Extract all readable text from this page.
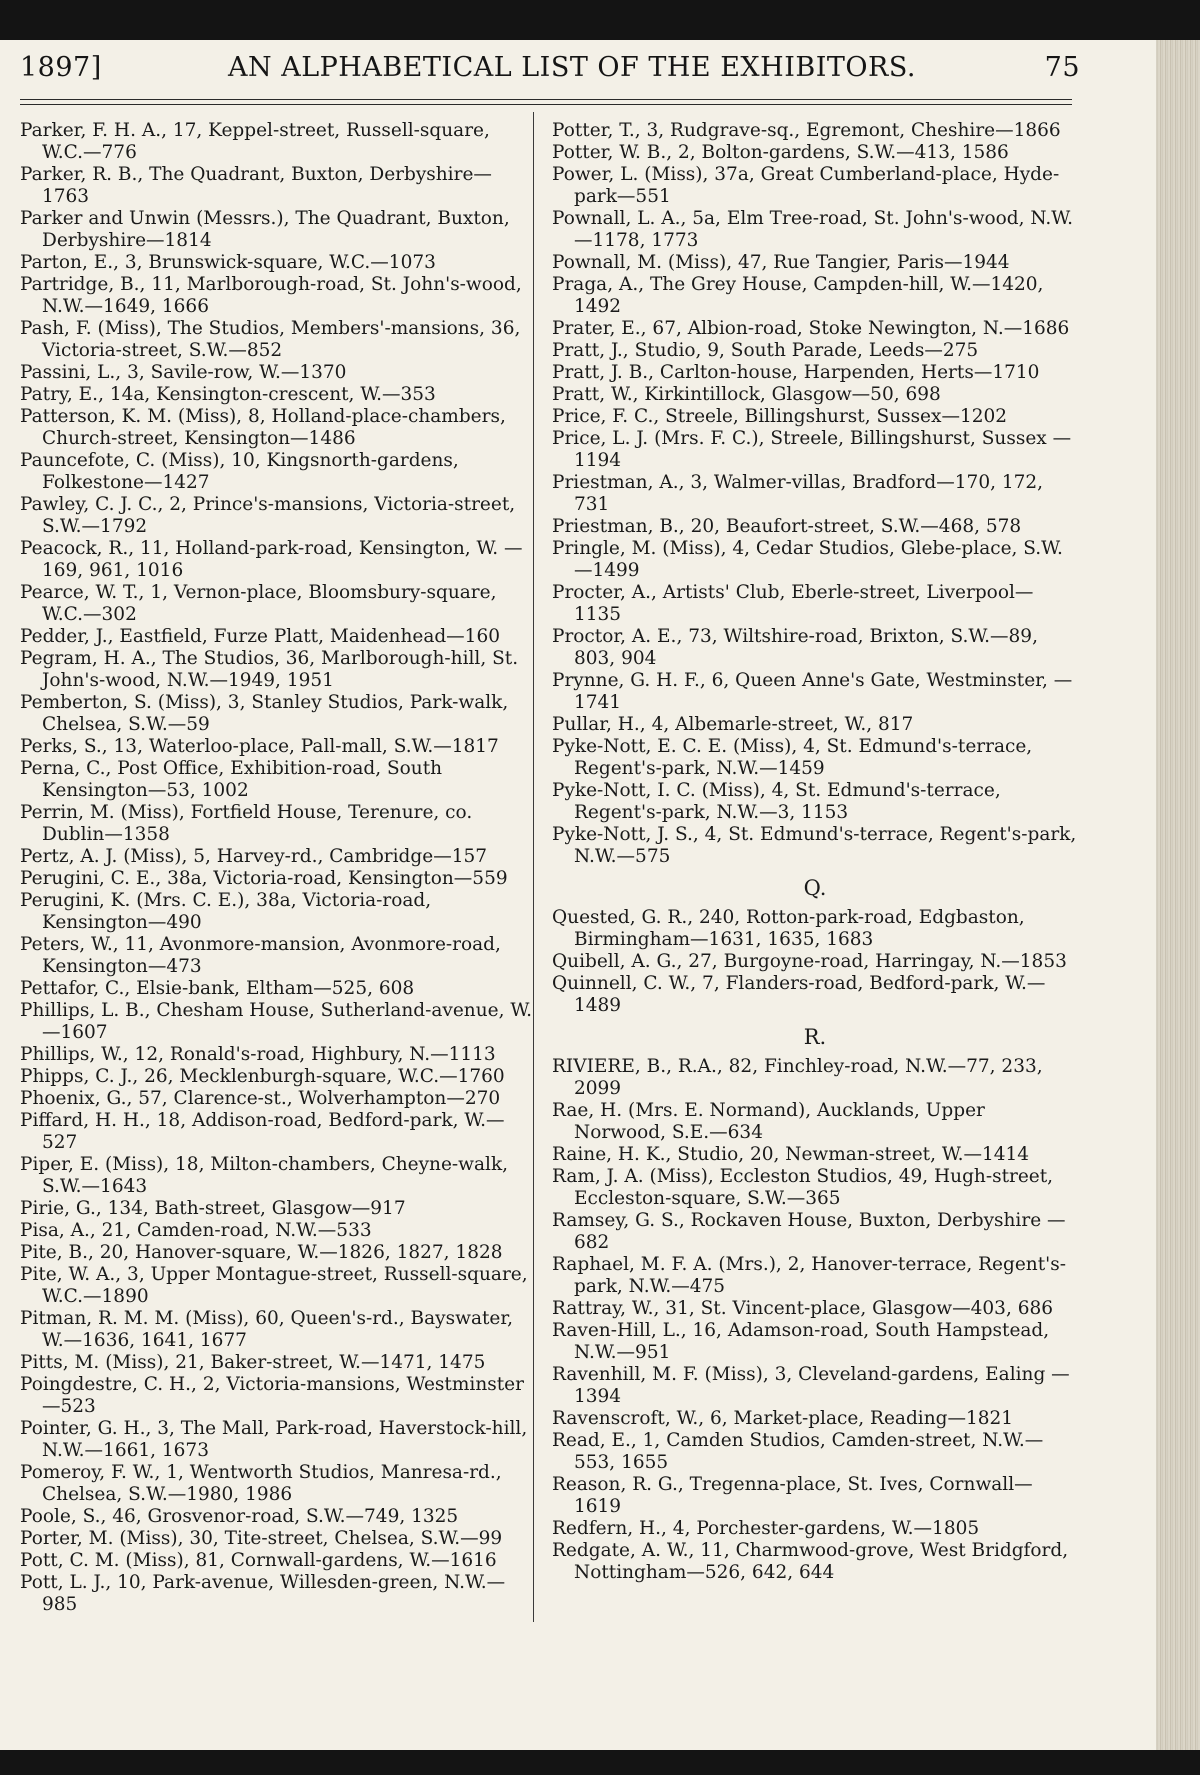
1897]	AN ALPHABETICAL LIST OF THE EXHIBITORS.	75

Parker, F. H. A., 17, Keppel-street, Russell-square, W.C.—776

Parker, R. B., The Quadrant, Buxton, Derbyshire—1763

Parker and Unwin (Messrs.), The Quadrant, Buxton, Derbyshire—1814

Parton, E., 3, Brunswick-square, W.C.—1073

Partridge, B., 11, Marlborough-road, St. John's-wood, N.W.—1649, 1666

Pash, F. (Miss), The Studios, Members'-mansions, 36, Victoria-street, S.W.—852

Passini, L., 3, Savile-row, W.—1370

Patry, E., 14a, Kensington-crescent, W.—353

Patterson, K. M. (Miss), 8, Holland-place-chambers, Church-street, Kensington—1486

Pauncefote, C. (Miss), 10, Kingsnorth-gardens, Folkestone—1427

Pawley, C. J. C., 2, Prince's-mansions, Victoria-street, S.W.—1792

Peacock, R., 11, Holland-park-road, Kensington, W. —169, 961, 1016

Pearce, W. T., 1, Vernon-place, Bloomsbury-square, W.C.—302

Pedder, J., Eastfield, Furze Platt, Maidenhead—160

Pegram, H. A., The Studios, 36, Marlborough-hill, St. John's-wood, N.W.—1949, 1951

Pemberton, S. (Miss), 3, Stanley Studios, Park-walk, Chelsea, S.W.—59

Perks, S., 13, Waterloo-place, Pall-mall, S.W.—1817

Perna, C., Post Office, Exhibition-road, South Kensington—53, 1002

Perrin, M. (Miss), Fortfield House, Terenure, co. Dublin—1358

Pertz, A. J. (Miss), 5, Harvey-rd., Cambridge—157

Perugini, C. E., 38a, Victoria-road, Kensington—559

Perugini, K. (Mrs. C. E.), 38a, Victoria-road, Kensington—490

Peters, W., 11, Avonmore-mansion, Avonmore-road, Kensington—473

Pettafor, C., Elsie-bank, Eltham—525, 608

Phillips, L. B., Chesham House, Sutherland-avenue, W.—1607

Phillips, W., 12, Ronald's-road, Highbury, N.—1113

Phipps, C. J., 26, Mecklenburgh-square, W.C.—1760

Phoenix, G., 57, Clarence-st., Wolverhampton—270

Piffard, H. H., 18, Addison-road, Bedford-park, W.—527

Piper, E. (Miss), 18, Milton-chambers, Cheyne-walk, S.W.—1643

Pirie, G., 134, Bath-street, Glasgow—917

Pisa, A., 21, Camden-road, N.W.—533

Pite, B., 20, Hanover-square, W.—1826, 1827, 1828

Pite, W. A., 3, Upper Montague-street, Russell-square, W.C.—1890

Pitman, R. M. M. (Miss), 60, Queen's-rd., Bayswater, W.—1636, 1641, 1677

Pitts, M. (Miss), 21, Baker-street, W.—1471, 1475

Poingdestre, C. H., 2, Victoria-mansions, Westminster—523

Pointer, G. H., 3, The Mall, Park-road, Haverstock-hill, N.W.—1661, 1673

Pomeroy, F. W., 1, Wentworth Studios, Manresa-rd., Chelsea, S.W.—1980, 1986

Poole, S., 46, Grosvenor-road, S.W.—749, 1325

Porter, M. (Miss), 30, Tite-street, Chelsea, S.W.—99

Pott, C. M. (Miss), 81, Cornwall-gardens, W.—1616

Pott, L. J., 10, Park-avenue, Willesden-green, N.W.—985

Potter, T., 3, Rudgrave-sq., Egremont, Cheshire—1866

Potter, W. B., 2, Bolton-gardens, S.W.—413, 1586

Power, L. (Miss), 37a, Great Cumberland-place, Hyde-park—551

Pownall, L. A., 5a, Elm Tree-road, St. John's-wood, N.W.—1178, 1773

Pownall, M. (Miss), 47, Rue Tangier, Paris—1944

Praga, A., The Grey House, Campden-hill, W.—1420, 1492

Prater, E., 67, Albion-road, Stoke Newington, N.—1686

Pratt, J., Studio, 9, South Parade, Leeds—275

Pratt, J. B., Carlton-house, Harpenden, Herts—1710

Pratt, W., Kirkintillock, Glasgow—50, 698

Price, F. C., Streele, Billingshurst, Sussex—1202

Price, L. J. (Mrs. F. C.), Streele, Billingshurst, Sussex —1194

Priestman, A., 3, Walmer-villas, Bradford—170, 172, 731

Priestman, B., 20, Beaufort-street, S.W.—468, 578

Pringle, M. (Miss), 4, Cedar Studios, Glebe-place, S.W.—1499

Procter, A., Artists' Club, Eberle-street, Liverpool—1135

Proctor, A. E., 73, Wiltshire-road, Brixton, S.W.—89, 803, 904

Prynne, G. H. F., 6, Queen Anne's Gate, Westminster, —1741

Pullar, H., 4, Albemarle-street, W., 817

Pyke-Nott, E. C. E. (Miss), 4, St. Edmund's-terrace, Regent's-park, N.W.—1459

Pyke-Nott, I. C. (Miss), 4, St. Edmund's-terrace, Regent's-park, N.W.—3, 1153

Pyke-Nott, J. S., 4, St. Edmund's-terrace, Regent's-park, N.W.—575

Q.

Quested, G. R., 240, Rotton-park-road, Edgbaston, Birmingham—1631, 1635, 1683

Quibell, A. G., 27, Burgoyne-road, Harringay, N.—1853

Quinnell, C. W., 7, Flanders-road, Bedford-park, W.—1489

R.

RIVIERE, B., R.A., 82, Finchley-road, N.W.—77, 233, 2099

Rae, H. (Mrs. E. Normand), Aucklands, Upper Norwood, S.E.—634

Raine, H. K., Studio, 20, Newman-street, W.—1414

Ram, J. A. (Miss), Eccleston Studios, 49, Hugh-street, Eccleston-square, S.W.—365

Ramsey, G. S., Rockaven House, Buxton, Derbyshire —682

Raphael, M. F. A. (Mrs.), 2, Hanover-terrace, Regent's-park, N.W.—475

Rattray, W., 31, St. Vincent-place, Glasgow—403, 686

Raven-Hill, L., 16, Adamson-road, South Hampstead, N.W.—951

Ravenhill, M. F. (Miss), 3, Cleveland-gardens, Ealing —1394

Ravenscroft, W., 6, Market-place, Reading—1821

Read, E., 1, Camden Studios, Camden-street, N.W.—553, 1655

Reason, R. G., Tregenna-place, St. Ives, Cornwall—1619

Redfern, H., 4, Porchester-gardens, W.—1805

Redgate, A. W., 11, Charmwood-grove, West Bridgford, Nottingham—526, 642, 644
